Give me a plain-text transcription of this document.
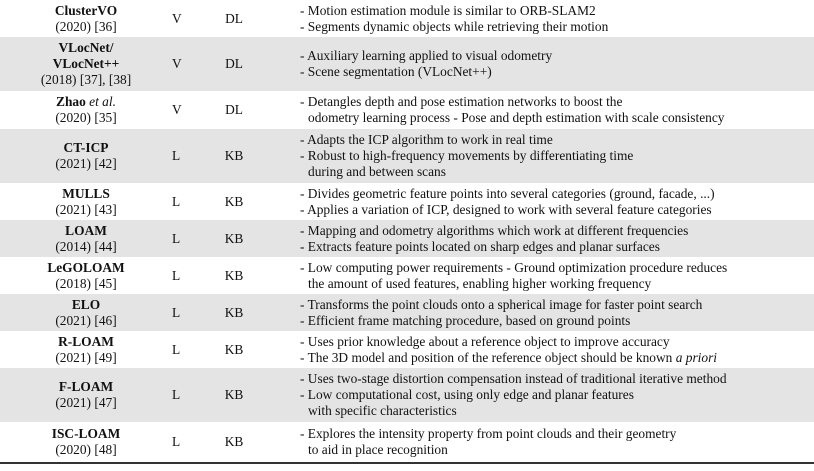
ClusterVO
(2020) [36]	V	DL	- Motion estimation module is similar to ORB-SLAM2
- Segments dynamic objects while retrieving their motion

VLocNet/
VLocNet++
(2018) [37], [38]	V	DL	- Auxiliary learning applied to visual odometry
- Scene segmentation (VLocNet++)

Zhao et al.
(2020) [35]	V	DL	- Detangles depth and pose estimation networks to boost the
odometry learning process - Pose and depth estimation with scale consistency

CT-ICP
(2021) [42]	L	KB	- Adapts the ICP algorithm to work in real time
- Robust to high-frequency movements by differentiating time
during and between scans

MULLS
(2021) [43]	L	KB	- Divides geometric feature points into several categories (ground, facade, ...)
- Applies a variation of ICP, designed to work with several feature categories

LOAM
(2014) [44]	L	KB	- Mapping and odometry algorithms which work at different frequencies
- Extracts feature points located on sharp edges and planar surfaces

LeGOLOAM
(2018) [45]	L	KB	- Low computing power requirements - Ground optimization procedure reduces
the amount of used features, enabling higher working frequency

ELO
(2021) [46]	L	KB	- Transforms the point clouds onto a spherical image for faster point search
- Efficient frame matching procedure, based on ground points

R-LOAM
(2021) [49]	L	KB	- Uses prior knowledge about a reference object to improve accuracy
- The 3D model and position of the reference object should be known a priori

F-LOAM
(2021) [47]	L	KB	- Uses two-stage distortion compensation instead of traditional iterative method
- Low computational cost, using only edge and planar features
with specific characteristics

ISC-LOAM
(2020) [48]	L	KB	- Explores the intensity property from point clouds and their geometry
to aid in place recognition
